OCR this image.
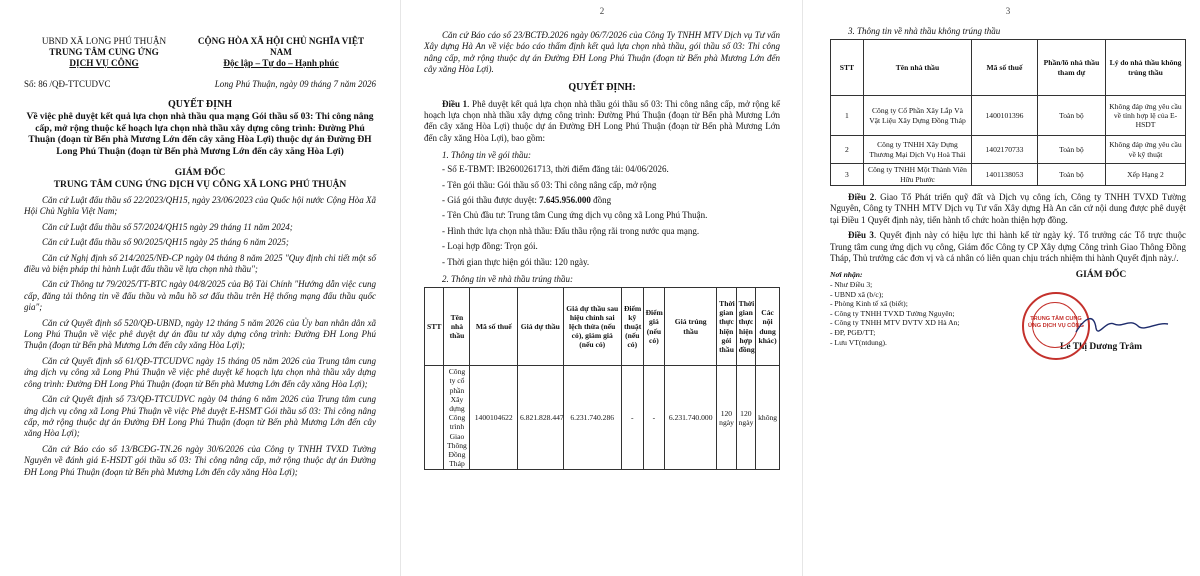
UBND XÃ LONG PHÚ THUẬN
TRUNG TÂM CUNG ỨNG
DỊCH VỤ CÔNG
CỘNG HÒA XÃ HỘI CHỦ NGHĨA VIỆT NAM
Độc lập – Tự do – Hạnh phúc
Số: 86 /QĐ-TTCUDVC	Long Phú Thuận, ngày 09 tháng 7 năm 2026
QUYẾT ĐỊNH
Về việc phê duyệt kết quả lựa chọn nhà thầu qua mạng Gói thầu số 03: Thi công nâng cấp, mở rộng thuộc kế hoạch lựa chọn nhà thầu xây dựng công trình: Đường Phú Thuận (đoạn từ Bến phà Mương Lớn đến cây xăng Hòa Lợi) thuộc dự án Đường ĐH Long Phú Thuận (đoạn từ Bến phà Mương Lớn đến cây xăng Hòa Lợi)
GIÁM ĐỐC
TRUNG TÂM CUNG ỨNG DỊCH VỤ CÔNG XÃ LONG PHÚ THUẬN

Căn cứ Luật đấu thầu số 22/2023/QH15, ngày 23/06/2023 của Quốc hội nước Cộng Hòa Xã Hội Chủ Nghĩa Việt Nam;

Căn cứ Luật đấu thầu số 57/2024/QH15 ngày 29 tháng 11 năm 2024;

Căn cứ Luật đấu thầu số 90/2025/QH15 ngày 25 tháng 6 năm 2025;

Căn cứ Nghị định số 214/2025/NĐ-CP ngày 04 tháng 8 năm 2025 "Quy định chi tiết một số điều và biện pháp thi hành Luật đấu thầu về lựa chọn nhà thầu";

Căn cứ Thông tư 79/2025/TT-BTC ngày 04/8/2025 của Bộ Tài Chính "Hướng dẫn việc cung cấp, đăng tải thông tin về đấu thầu và mẫu hồ sơ đấu thầu trên Hệ thống mạng đấu thầu quốc gia";

Căn cứ Quyết định số 520/QĐ-UBND, ngày 12 tháng 5 năm 2026 của Ủy ban nhân dân xã Long Phú Thuận về việc phê duyệt dự án đầu tư xây dựng công trình: Đường ĐH Long Phú Thuận (đoạn từ Bến phà Mương Lớn đến cây xăng Hòa Lợi);

Căn cứ Quyết định số 61/QĐ-TTCUDVC ngày 15 tháng 05 năm 2026 của Trung tâm cung ứng dịch vụ công xã Long Phú Thuận về việc phê duyệt kế hoạch lựa chọn nhà thầu xây dựng công trình: Đường ĐH Long Phú Thuận (đoạn từ Bến phà Mương Lớn đến cây xăng Hòa Lợi);

Căn cứ Quyết định số 73/QĐ-TTCUDVC ngày 04 tháng 6 năm 2026 của Trung tâm cung ứng dịch vụ công xã Long Phú Thuận về việc Phê duyệt E-HSMT Gói thầu số 03: Thi công nâng cấp, mở rộng thuộc dự án Đường ĐH Long Phú Thuận (đoạn từ Bến phà Mương Lớn đến cây xăng Hòa Lợi);

Căn cứ Báo cáo số 13/BCĐG-TN.26 ngày 30/6/2026 của Công ty TNHH TVXD Tường Nguyên về đánh giá E-HSDT gói thầu số 03: Thi công nâng cấp, mở rộng thuộc dự án Đường ĐH Long Phú Thuận (đoạn từ Bến phà Mương Lớn đến cây xăng Hòa Lợi);

2

Căn cứ Báo cáo số 23/BCTĐ.2026 ngày 06/7/2026 của Công Ty TNHH MTV Dịch vụ Tư vấn Xây dựng Hà An về việc báo cáo thẩm định kết quả lựa chọn nhà thầu, gói thầu số 03: Thi công nâng cấp, mở rộng thuộc dự án Đường ĐH Long Phú Thuận (đoạn từ Bến phà Mương Lớn đến cây xăng Hòa Lợi).

QUYẾT ĐỊNH:

Điều 1. Phê duyệt kết quả lựa chọn nhà thầu gói thầu số 03: Thi công nâng cấp, mở rộng kế hoạch lựa chọn nhà thầu xây dựng công trình: Đường Phú Thuận (đoạn từ Bến phà Mương Lớn đến cây xăng Hòa Lợi) thuộc dự án Đường ĐH Long Phú Thuận (đoạn từ Bến phà Mương Lớn đến cây xăng Hòa Lợi), bao gồm:

1. Thông tin về gói thầu:

- Số E-TBMT: IB2600261713, thời điểm đăng tải: 04/06/2026.

- Tên gói thầu: Gói thầu số 03: Thi công nâng cấp, mở rộng

- Giá gói thầu được duyệt: 7.645.956.000 đồng

- Tên Chủ đầu tư: Trung tâm Cung ứng dịch vụ công xã Long Phú Thuận.

- Hình thức lựa chọn nhà thầu: Đấu thầu rộng rãi trong nước qua mạng.

- Loại hợp đồng: Trọn gói.

- Thời gian thực hiện gói thầu: 120 ngày.

2. Thông tin về nhà thầu trúng thầu:
STT	Tên nhà thầu	Mã số thuế	Giá dự thầu	Giá dự thầu sau hiệu chỉnh sai lệch thừa (nếu có), giảm giá (nếu có)	Điểm kỹ thuật (nếu có)	Điểm giá (nếu có)	Giá trúng thầu	Thời gian thực hiện gói thầu	Thời gian thực hiện hợp đồng	Các nội dung khác)
	Công ty cổ phần Xây dựng Công trình Giao Thông Đồng Tháp	1400104622	6.821.828.447	6.231.740.286	-	-	6.231.740.000	120 ngày	120 ngày	không
3
3. Thông tin về nhà thầu không trúng thầu
STT	Tên nhà thầu	Mã số thuế	Phần/lô nhà thầu tham dự	Lý do nhà thầu không trúng thầu
1	Công ty Cổ Phần Xây Lắp Và Vật Liệu Xây Dựng Đồng Tháp	1400101396	Toàn bộ	Không đáp ứng yêu cầu về tính hợp lệ của E- HSDT
2	Công ty TNHH Xây Dựng Thương Mại Dịch Vụ Hoà Thái	1402170733	Toàn bộ	Không đáp ứng yêu cầu về kỹ thuật
3	Công ty TNHH Một Thành Viên Hữu Phước	1401138053	Toàn bộ	Xếp Hạng 2

Điều 2. Giao Tổ Phát triển quỹ đất và Dịch vụ công ích, Công ty TNHH TVXD Tường Nguyên, Công ty TNHH MTV Dịch vụ Tư vấn Xây dựng Hà An căn cứ nội dung được phê duyệt tại Điều 1 Quyết định này, tiến hành tổ chức hoàn thiện hợp đồng.

Điều 3. Quyết định này có hiệu lực thi hành kể từ ngày ký. Tổ trưởng các Tổ trực thuộc Trung tâm cung ứng dịch vụ công, Giám đốc Công ty CP Xây dựng Công trình Giao Thông Đồng Tháp, Thủ trưởng các đơn vị và cá nhân có liên quan chịu trách nhiệm thi hành Quyết định này./.

Nơi nhận:
- Như Điều 3;
- UBND xã (b/c);
- Phòng Kinh tế xã (biết);
- Công ty TNHH TVXD Tường Nguyên;
- Công ty TNHH MTV DVTV XD Hà An;
- ĐP, PGĐ/TT;
- Lưu VT(ntdung).
GIÁM ĐỐC
TRUNG TÂM CUNG ỨNG DỊCH VỤ CÔNG
Lê Thị Dương Trâm
